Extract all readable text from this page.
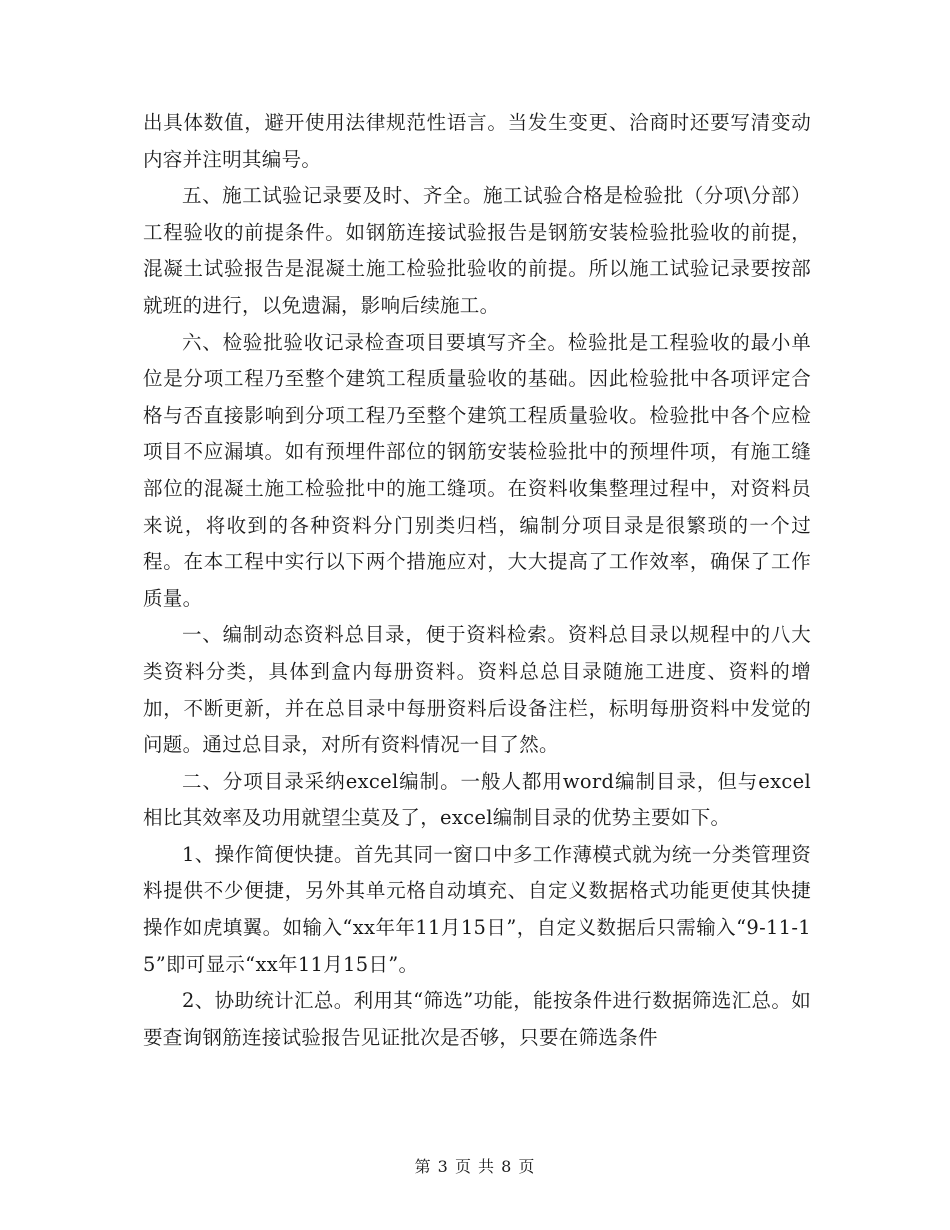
出具体数值，避开使用法律规范性语言。当发生变更、洽商时还要写清变动内容并注明其编号。

五、施工试验记录要及时、齐全。施工试验合格是检验批（分项\分部）工程验收的前提条件。如钢筋连接试验报告是钢筋安装检验批验收的前提，混凝土试验报告是混凝土施工检验批验收的前提。所以施工试验记录要按部就班的进行，以免遗漏，影响后续施工。

六、检验批验收记录检查项目要填写齐全。检验批是工程验收的最小单位是分项工程乃至整个建筑工程质量验收的基础。因此检验批中各项评定合格与否直接影响到分项工程乃至整个建筑工程质量验收。检验批中各个应检项目不应漏填。如有预埋件部位的钢筋安装检验批中的预埋件项，有施工缝部位的混凝土施工检验批中的施工缝项。在资料收集整理过程中，对资料员来说，将收到的各种资料分门别类归档，编制分项目录是很繁琐的一个过程。在本工程中实行以下两个措施应对，大大提高了工作效率，确保了工作质量。

一、编制动态资料总目录，便于资料检索。资料总目录以规程中的八大类资料分类，具体到盒内每册资料。资料总总目录随施工进度、资料的增加，不断更新，并在总目录中每册资料后设备注栏，标明每册资料中发觉的问题。通过总目录，对所有资料情况一目了然。

二、分项目录采纳excel编制。一般人都用word编制目录，但与excel相比其效率及功用就望尘莫及了，excel编制目录的优势主要如下。

1、操作简便快捷。首先其同一窗口中多工作薄模式就为统一分类管理资料提供不少便捷，另外其单元格自动填充、自定义数据格式功能更使其快捷操作如虎填翼。如输入“xx年年11月15日”，自定义数据后只需输入“9-11-15”即可显示“xx年11月15日”。

2、协助统计汇总。利用其“筛选”功能，能按条件进行数据筛选汇总。如要查询钢筋连接试验报告见证批次是否够，只要在筛选条件

第 3 页 共 8 页
